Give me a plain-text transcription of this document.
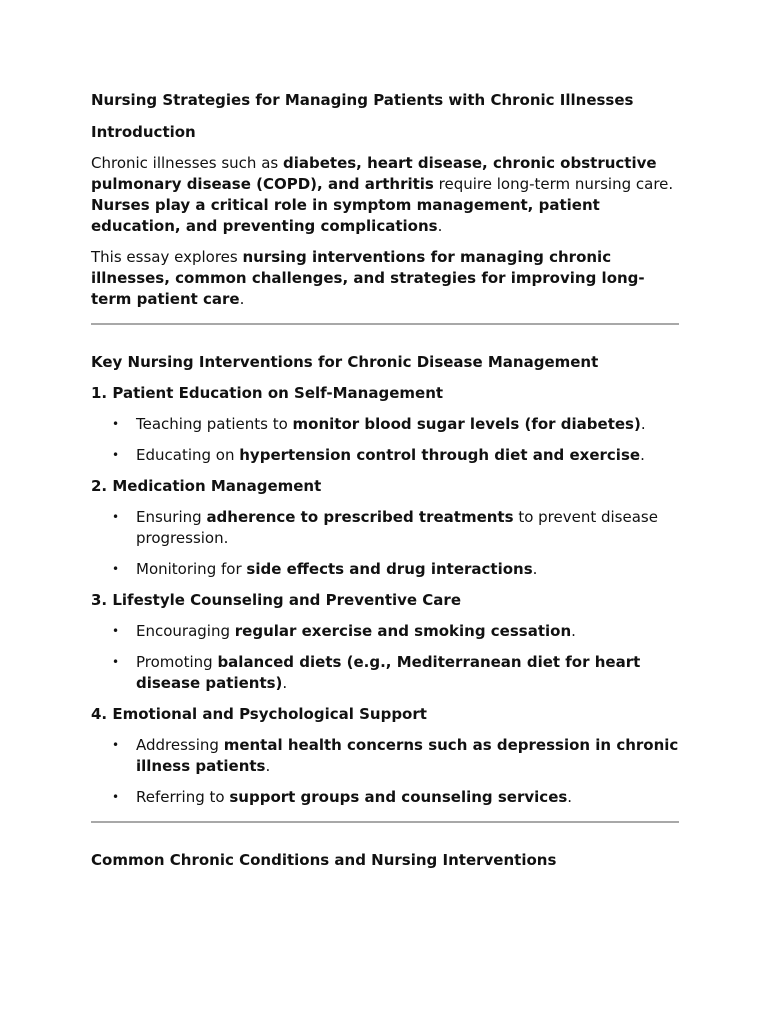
Nursing Strategies for Managing Patients with Chronic Illnesses
Introduction

Chronic illnesses such as diabetes, heart disease, chronic obstructive pulmonary disease (COPD), and arthritis require long-term nursing care. Nurses play a critical role in symptom management, patient education, and preventing complications.

This essay explores nursing interventions for managing chronic illnesses, common challenges, and strategies for improving long-term patient care.

Key Nursing Interventions for Chronic Disease Management
1. Patient Education on Self-Management
• Teaching patients to monitor blood sugar levels (for diabetes).
• Educating on hypertension control through diet and exercise.
2. Medication Management
• Ensuring adherence to prescribed treatments to prevent disease progression.
• Monitoring for side effects and drug interactions.
3. Lifestyle Counseling and Preventive Care
• Encouraging regular exercise and smoking cessation.
• Promoting balanced diets (e.g., Mediterranean diet for heart disease patients).
4. Emotional and Psychological Support
• Addressing mental health concerns such as depression in chronic illness patients.
• Referring to support groups and counseling services.
Common Chronic Conditions and Nursing Interventions
